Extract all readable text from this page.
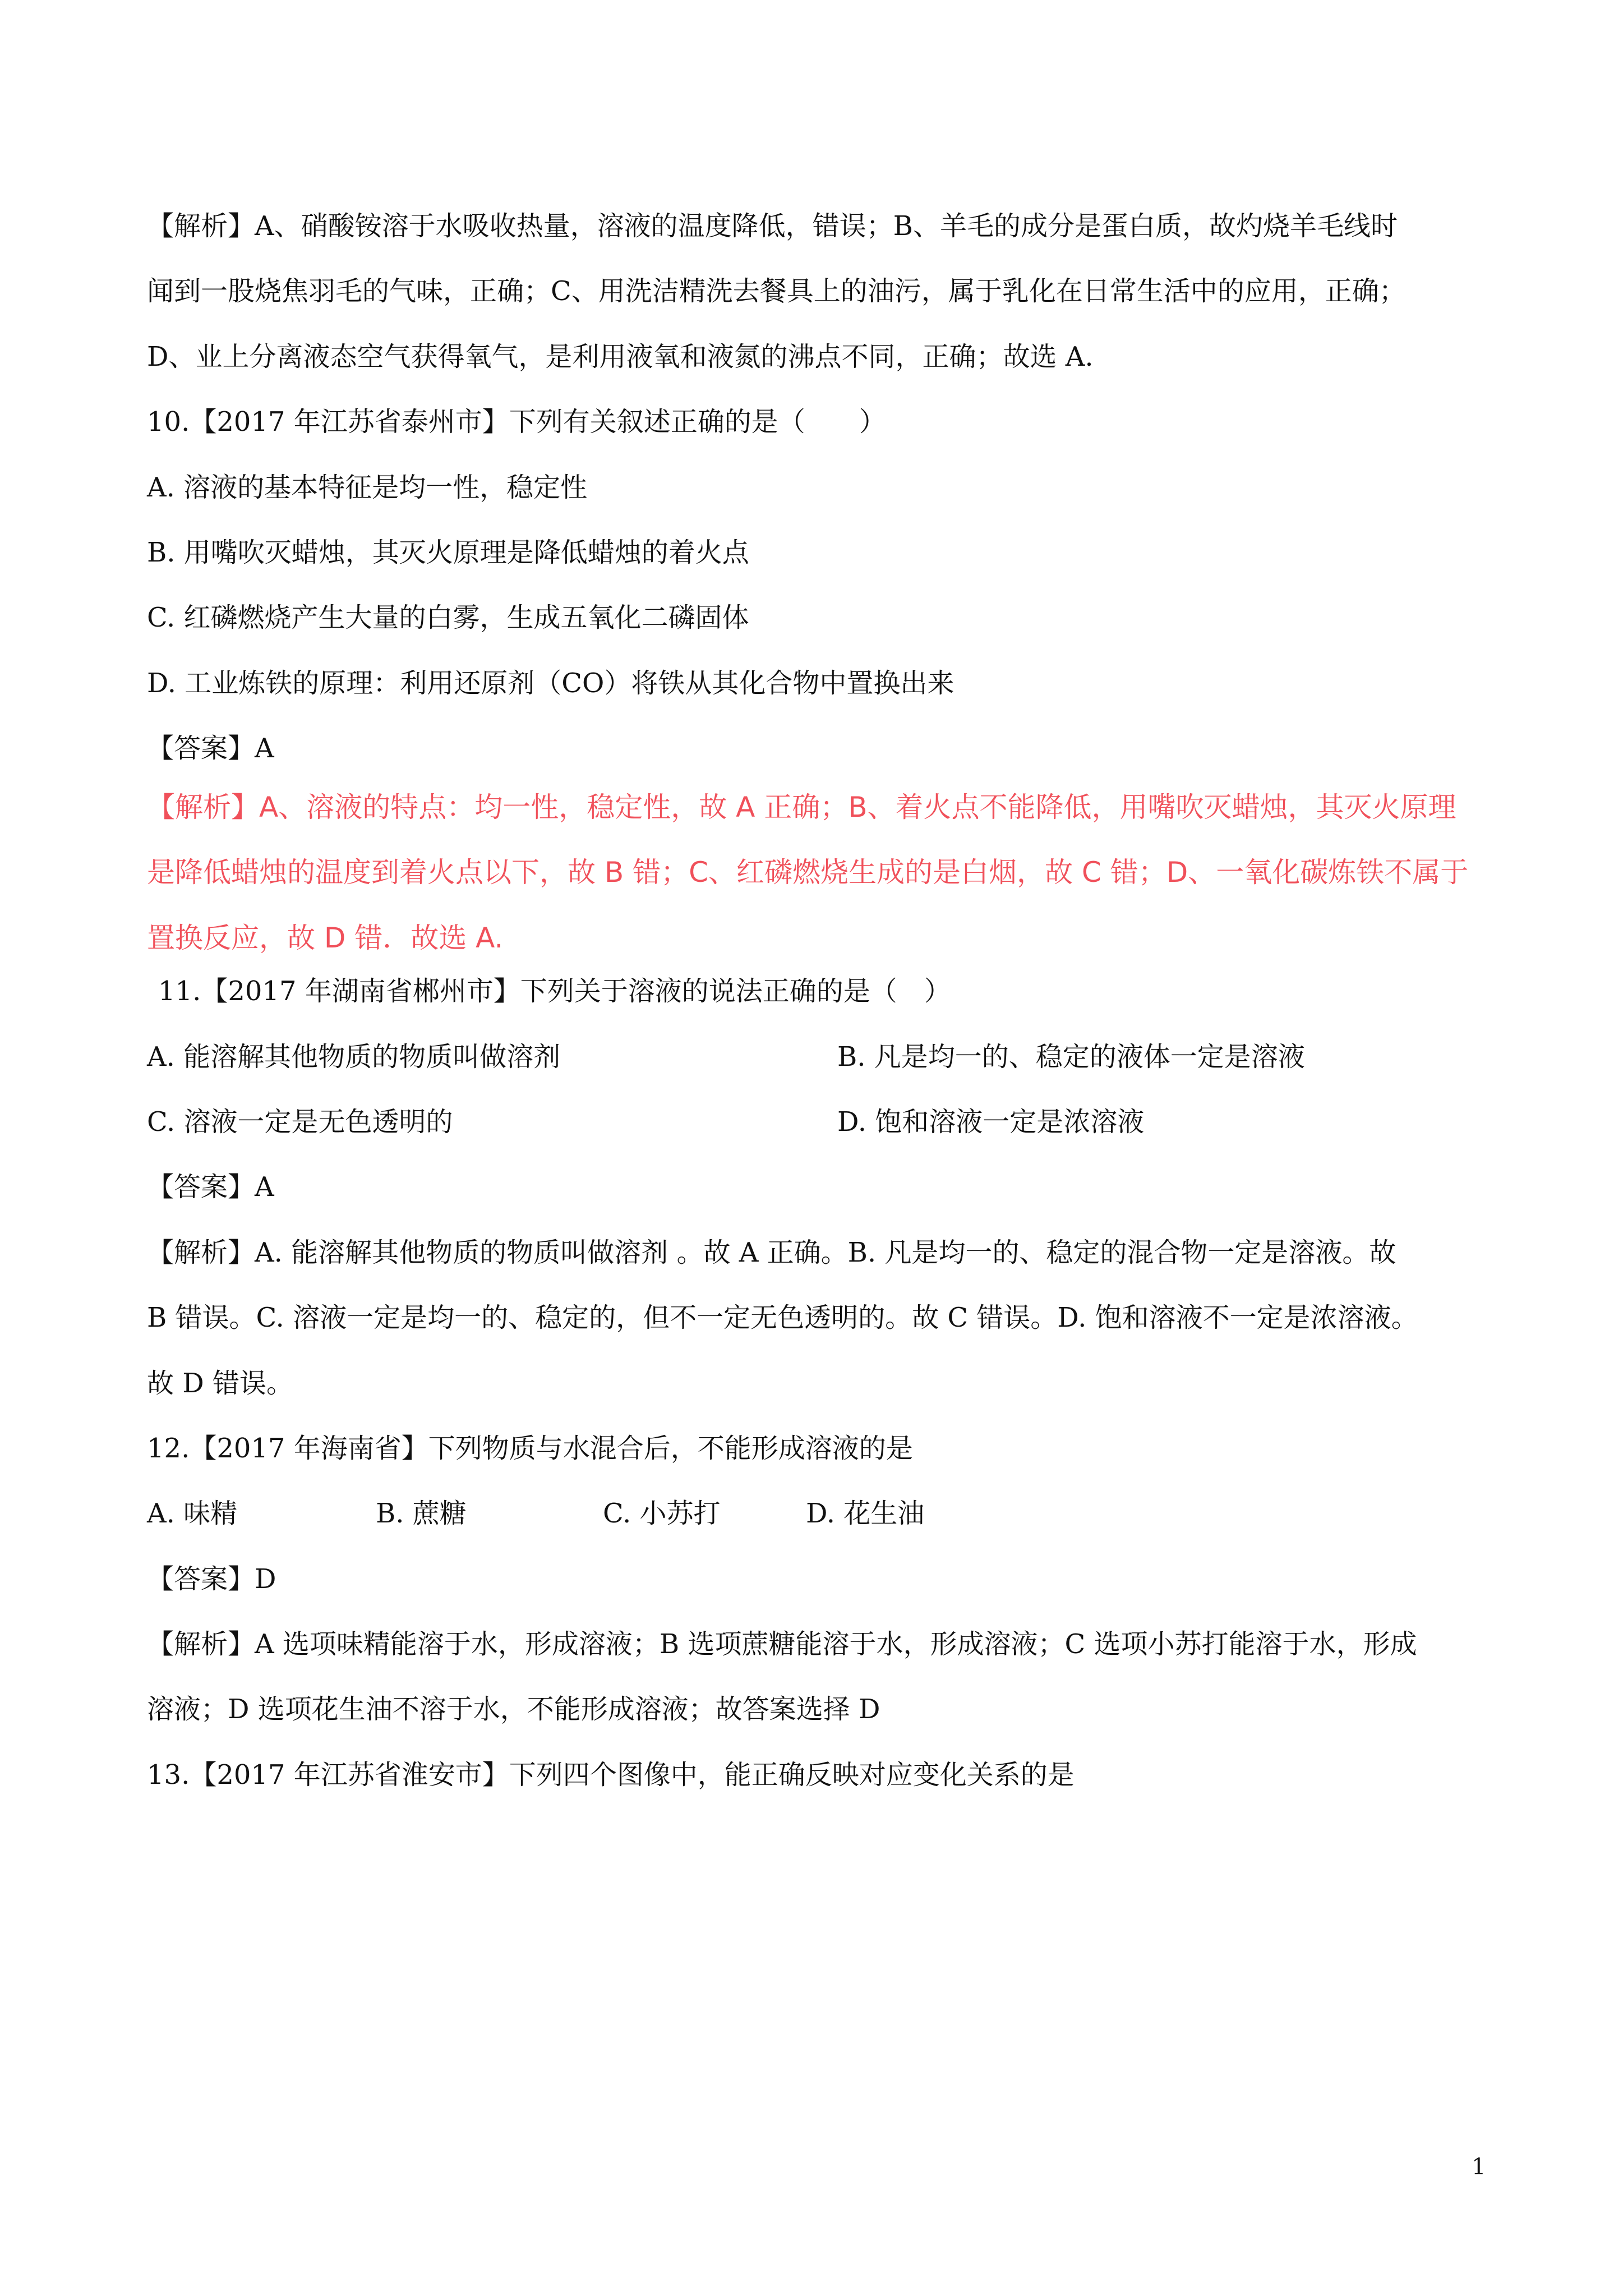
【解析】A、硝酸铵溶于水吸收热量，溶液的温度降低，错误；B、羊毛的成分是蛋白质，故灼烧羊毛线时
闻到一股烧焦羽毛的气味，正确；C、用洗洁精洗去餐具上的油污，属于乳化在日常生活中的应用，正确；
D、业上分离液态空气获得氧气，是利用液氧和液氮的沸点不同，正确；故选 A.
10.【2017 年江苏省泰州市】下列有关叙述正确的是（　　）
A. 溶液的基本特征是均一性，稳定性
B. 用嘴吹灭蜡烛，其灭火原理是降低蜡烛的着火点
C. 红磷燃烧产生大量的白雾，生成五氧化二磷固体
D. 工业炼铁的原理：利用还原剂（CO）将铁从其化合物中置换出来
【答案】A
【解析】A、溶液的特点：均一性，稳定性，故 A 正确；B、着火点不能降低，用嘴吹灭蜡烛，其灭火原理
是降低蜡烛的温度到着火点以下，故 B 错；C、红磷燃烧生成的是白烟，故 C 错；D、一氧化碳炼铁不属于
置换反应，故 D 错．故选 A.
11.【2017 年湖南省郴州市】下列关于溶液的说法正确的是（　）
A. 能溶解其他物质的物质叫做溶剂	B. 凡是均一的、稳定的液体一定是溶液
C. 溶液一定是无色透明的	D. 饱和溶液一定是浓溶液
【答案】A
【解析】A. 能溶解其他物质的物质叫做溶剂 。故 A 正确。B. 凡是均一的、稳定的混合物一定是溶液。故
B 错误。C. 溶液一定是均一的、稳定的，但不一定无色透明的。故 C 错误。D. 饱和溶液不一定是浓溶液。
故 D 错误。
12.【2017 年海南省】下列物质与水混合后，不能形成溶液的是
A. 味精	B. 蔗糖	C. 小苏打	D. 花生油
【答案】D
【解析】A 选项味精能溶于水，形成溶液；B 选项蔗糖能溶于水，形成溶液；C 选项小苏打能溶于水，形成
溶液；D 选项花生油不溶于水，不能形成溶液；故答案选择 D
13.【2017 年江苏省淮安市】下列四个图像中，能正确反映对应变化关系的是
1
